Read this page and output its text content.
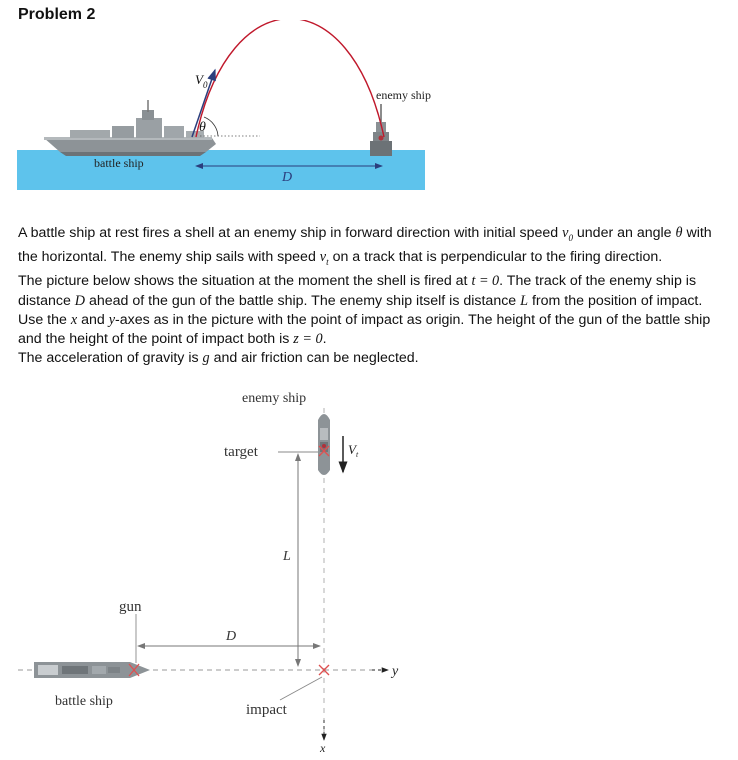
Problem 2
$V_0$
θ
enemy ship
battle ship
D

A battle ship at rest fires a shell at an enemy ship in forward direction with initial speed $v_0$ under an angle θ with the horizontal. The enemy ship sails with speed $v_t$ on a track that is perpendicular to the firing direction.

The picture below shows the situation at the moment the shell is fired at t = 0. The track of the enemy ship is distance D ahead of the gun of the battle ship. The enemy ship itself is distance L from the position of impact. Use the x and y-axes as in the picture with the point of impact as origin. The height of the gun of the battle ship and the height of the point of impact both is z = 0.

The acceleration of gravity is g and air friction can be neglected.

enemy ship
target	$V_t$
L
gun
D
y
battle ship
impact
x
